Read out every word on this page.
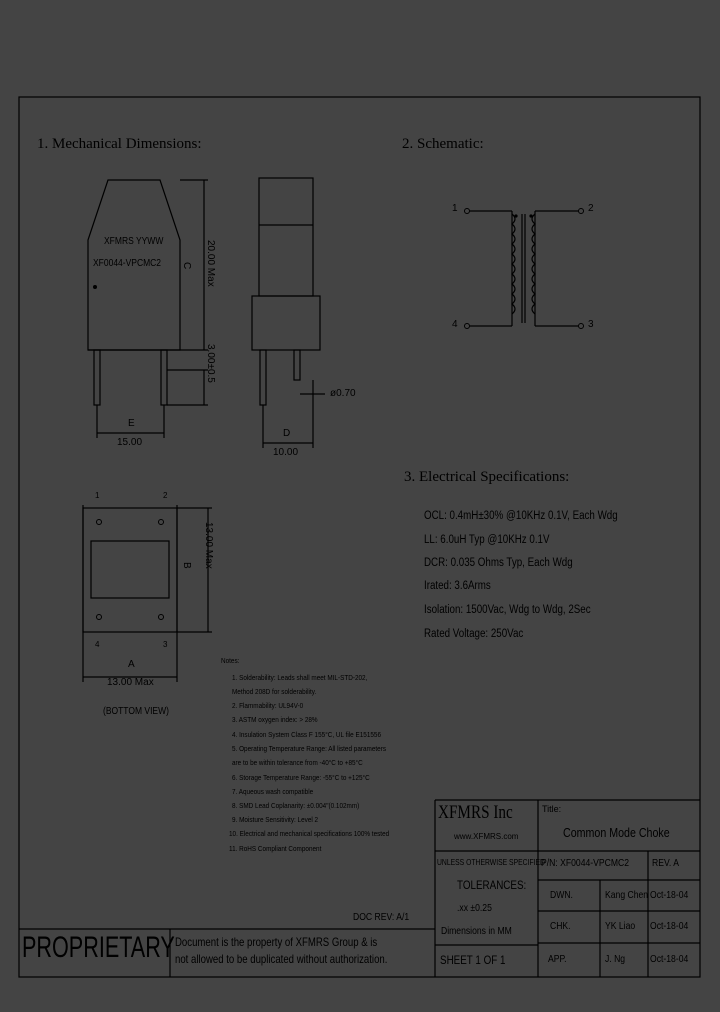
1. Mechanical Dimensions:	2. Schematic:
3. Electrical Specifications:
XFMRS YYWW
XF0044-VPCMC2 C 20.00 Max
3.00±0.5
ø0.70
E
15.00
D
10.00
B 13.00 Max
A
13.00 Max
(BOTTOM VIEW)
1	2
3
4
1	2
3
4
OCL: 0.4mH±30% @10KHz 0.1V, Each Wdg
LL: 6.0uH Typ @10KHz 0.1V
DCR: 0.035 Ohms Typ, Each Wdg
Irated: 3.6Arms
Isolation: 1500Vac, Wdg to Wdg, 2Sec
Rated Voltage: 250Vac
Notes:
1. Solderability: Leads shall meet MIL-STD-202,
Method 208D for solderability.
2. Flammability: UL94V-0
3. ASTM oxygen index: > 28%
4. Insulation System Class F 155°C, UL file E151556
5. Operating Temperature Range: All listed parameters
are to be within tolerance from -40°C to +85°C
6. Storage Temperature Range: -55°C to +125°C
7. Aqueous wash compatible
8. SMD Lead Coplanarity: ±0.004"(0.102mm)
9. Moisture Sensitivity: Level 2
10. Electrical and mechanical specifications 100% tested
11. RoHS Compliant Component
XFMRS Inc
www.XFMRS.com
Title:
Common Mode Choke
UNLESS OTHERWISE SPECIFIED
TOLERANCES:
.xx ±0.25
Dimensions in MM
P/N: XF0044-VPCMC2 REV. A
DWN.	Kang Chen Oct-18-04
CHK.	YK Liao Oct-18-04
APP.	J. Ng Oct-18-04
SHEET 1 OF 1
DOC REV: A/1
PROPRIETARY Document is the property of XFMRS Group & is
not allowed to be duplicated without authorization.
